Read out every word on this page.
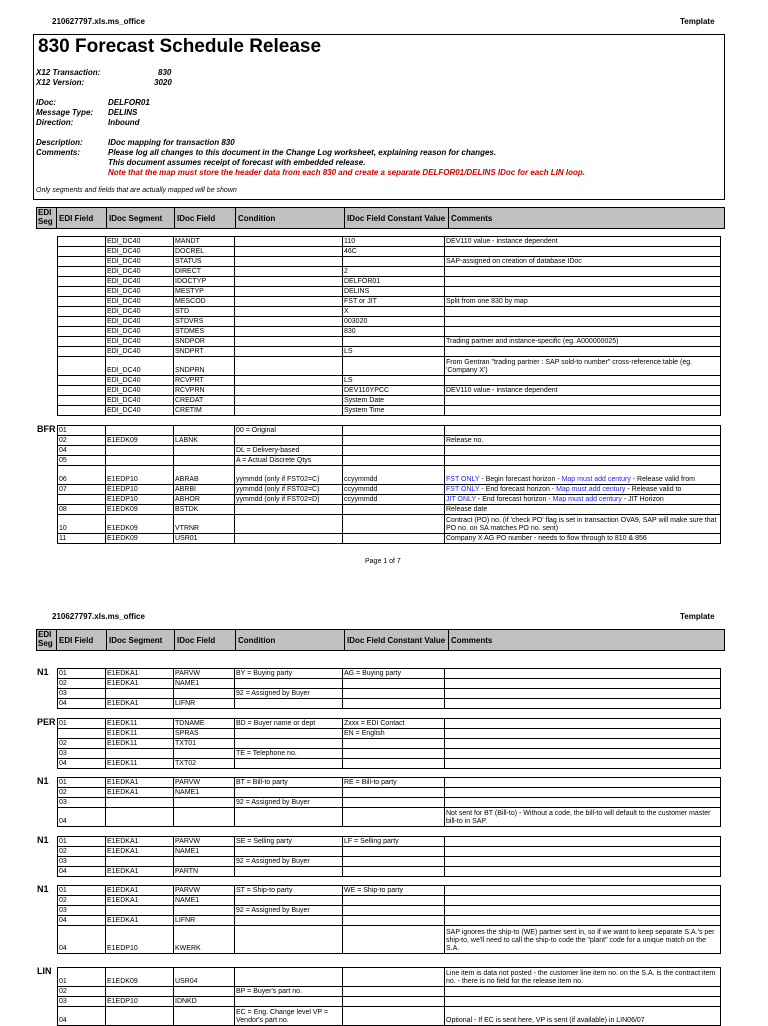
210627797.xls.ms_office	Template
830 Forecast Schedule Release
X12 Transaction:	830
X12 Version:	3020
IDoc:	DELFOR01
Message Type: DELINS
Direction:	Inbound
Description:	IDoc mapping for transaction 830
Comments:	Please log all changes to this document in the Change Log worksheet, explaining reason for changes.
This document assumes receipt of forecast with embedded release.
Note that the map must store the header data from each 830 and create a separate DELFOR01/DELINS IDoc for each LIN loop.
Only segments and fields that are actually mapped will be shown
EDI Seg EDI Field IDoc Segment IDoc Field	Condition	IDoc Field Constant Value Comments
	EDI_DC40	MANDT		110	DEV110 value - instance dependent
	EDI_DC40	DOCREL		46C	
	EDI_DC40	STATUS			SAP-assigned on creation of database IDoc
	EDI_DC40	DIRECT		2	
	EDI_DC40	IDOCTYP		DELFOR01	
	EDI_DC40	MESTYP		DELINS	
	EDI_DC40	MESCOD		FST or JIT	Split from one 830 by map
	EDI_DC40	STD		X	
	EDI_DC40	STDVRS		003020	
	EDI_DC40	STDMES		830	
	EDI_DC40	SNDPOR			Trading partner and instance-specific (eg. A000000025)
	EDI_DC40	SNDPRT		LS	
	EDI_DC40	SNDPRN			From Gentran "trading partner : SAP sold-to number" cross-reference table (eg. 'Company X')
	EDI_DC40	RCVPRT		LS	
	EDI_DC40	RCVPRN		DEV110YPCC	DEV110 value - instance dependent
	EDI_DC40	CREDAT		System Date	
	EDI_DC40	CRETIM		System Time	
BFR 01			00 = Original		
02	E1EDK09	LABNK			Release no.
04			DL = Delivery-based		
05			A = Actual Discrete Qtys		
06	E1EDP10	ABRAB	yymmdd (only if FST02=C)	ccyymmdd	FST ONLY - Begin forecast horizon - Map must add century - Release valid from
07	E1EDP10	ABRBI	yymmdd (only if FST02=C)	ccyymmdd	FST ONLY - End forecast horizon - Map must add century - Release valid to
	E1EDP10	ABHOR	yymmdd (only if FST02=D)	ccyymmdd	JIT ONLY - End forecast horizon - Map must add century - JIT Horizon
08	E1EDK09	BSTDK			Release date
10	E1EDK09	VTRNR			Contract (PO) no. (if 'check PO' flag is set in transaction OVA9, SAP will make sure that PO no. on SA matches PO no. sent)
11	E1EDK09	USR01			Company X AG PO number - needs to flow through to 810 & 856
Page 1 of 7
210627797.xls.ms_office	Template
EDI Seg EDI Field IDoc Segment IDoc Field	Condition	IDoc Field Constant Value Comments
N1 01	E1EDKA1	PARVW	BY = Buying party	AG = Buying party	
02	E1EDKA1	NAME1			
03			92 = Assigned by Buyer		
04	E1EDKA1	LIFNR			
PER 01	E1EDK11	TDNAME	BD = Buyer name or dept	Zxxx = EDI Contact	
	E1EDK11	SPRAS		EN = English	
02	E1EDK11	TXT01			
03			TE = Telephone no.		
04	E1EDK11	TXT02			
N1 01	E1EDKA1	PARVW	BT = Bill-to party	RE = Bill-to party	
02	E1EDKA1	NAME1			
03			92 = Assigned by Buyer		
04					Not sent for BT (Bill-to) - Without a code, the bill-to will default to the customer master bill-to in SAP.
N1 01	E1EDKA1	PARVW	SE = Selling party	LF = Selling party	
02	E1EDKA1	NAME1			
03			92 = Assigned by Buyer		
04	E1EDKA1	PARTN			
N1 01	E1EDKA1	PARVW	ST = Ship-to party	WE = Ship-to party	
02	E1EDKA1	NAME1			
03			92 = Assigned by Buyer		
04	E1EDKA1	LIFNR			
04	E1EDP10	KWERK			SAP ignores the ship-to (WE) partner sent in, so if we want to keep separate S.A.'s per ship-to, we'll need to call the ship-to code the "plant" code for a unique match on the S.A.
LIN
01	E1EDK09	USR04			Line item is data not posted - the customer line item no. on the S.A. is the contract item no. - there is no field for the release item no.
02			BP = Buyer's part no.		
03	E1EDP10	IDNKD			
04			EC = Eng. Change level VP = Vendor's part no.		Optional - If EC is sent here, VP is sent (if available) in LIN06/07
